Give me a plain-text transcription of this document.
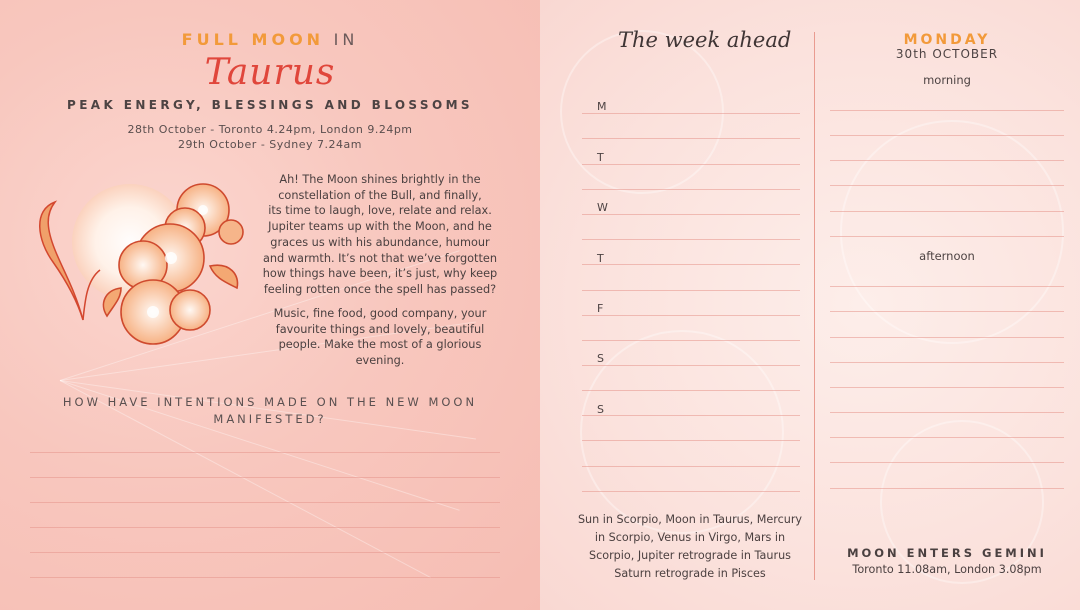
FULL MOON IN
Taurus
PEAK ENERGY, BLESSINGS AND BLOSSOMS
28th October - Toronto 4.24pm, London 9.24pm
29th October - Sydney 7.24am
Ah! The Moon shines brightly in the
constellation of the Bull, and finally,
its time to laugh, love, relate and relax.
Jupiter teams up with the Moon, and he
graces us with his abundance, humour
and warmth. It’s not that we’ve forgotten
how things have been, it’s just, why keep
feeling rotten once the spell has passed?
Music, fine food, good company, your
favourite things and lovely, beautiful
people. Make the most of a glorious
evening.
HOW HAVE INTENTIONS MADE ON THE NEW MOON
MANIFESTED?
The week ahead
M
T
W
T
F
S
S
Sun in Scorpio, Moon in Taurus, Mercury
in Scorpio, Venus in Virgo, Mars in
Scorpio, Jupiter retrograde in Taurus
Saturn retrograde in Pisces
MONDAY
30th OCTOBER
morning
afternoon
MOON ENTERS GEMINI
Toronto 11.08am, London 3.08pm
